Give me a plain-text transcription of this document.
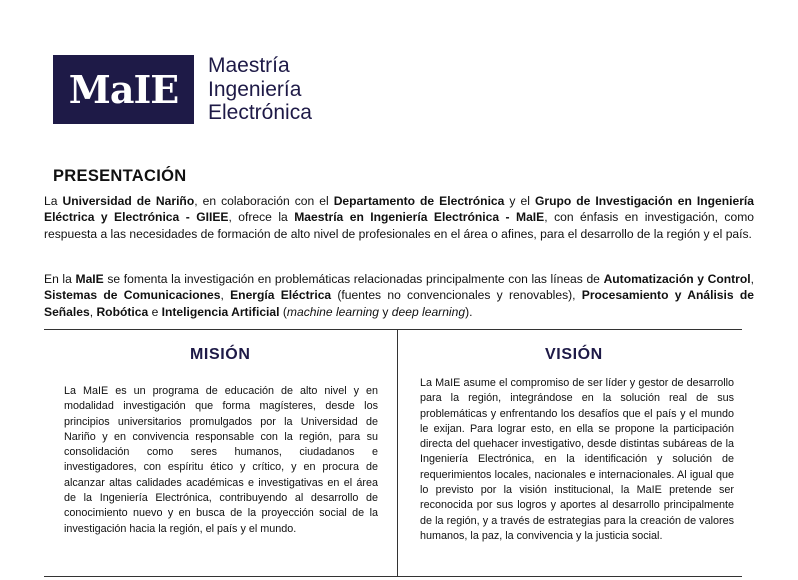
MaIE
Maestría
Ingeniería
Electrónica
PRESENTACIÓN
La Universidad de Nariño, en colaboración con el Departamento de Electrónica y el Grupo de Investigación en Ingeniería Eléctrica y Electrónica - GIIEE, ofrece la Maestría en Ingeniería Electrónica - MaIE, con énfasis en investigación, como respuesta a las necesidades de formación de alto nivel de profesionales en el área o afines, para el desarrollo de la región y el país.
En la MaIE se fomenta la investigación en problemáticas relacionadas principalmente con las líneas de Automatización y Control, Sistemas de Comunicaciones, Energía Eléctrica (fuentes no convencionales y renovables), Procesamiento y Análisis de Señales, Robótica e Inteligencia Artificial (machine learning y deep learning).
MISIÓN
La MaIE es un programa de educación de alto nivel y en modalidad investigación que forma magísteres, desde los principios universitarios promulgados por la Universidad de Nariño y en convivencia responsable con la región, para su consolidación como seres humanos, ciudadanos e investigadores, con espíritu ético y crítico, y en procura de alcanzar altas calidades académicas e investigativas en el área de la Ingeniería Electrónica, contribuyendo al desarrollo de conocimiento nuevo y en busca de la proyección social de la investigación hacia la región, el país y el mundo.
VISIÓN
La MaIE asume el compromiso de ser líder y gestor de desarrollo para la región, integrándose en la solución real de sus problemáticas y enfrentando los desafíos que el país y el mundo le exijan. Para lograr esto, en ella se propone la participación directa del quehacer investigativo, desde distintas subáreas de la Ingeniería Electrónica, en la identificación y solución de requerimientos locales, nacionales e internacionales. Al igual que lo previsto por la visión institucional, la MaIE pretende ser reconocida por sus logros y aportes al desarrollo principalmente de la región, y a través de estrategias para la creación de valores humanos, la paz, la convivencia y la justicia social.
